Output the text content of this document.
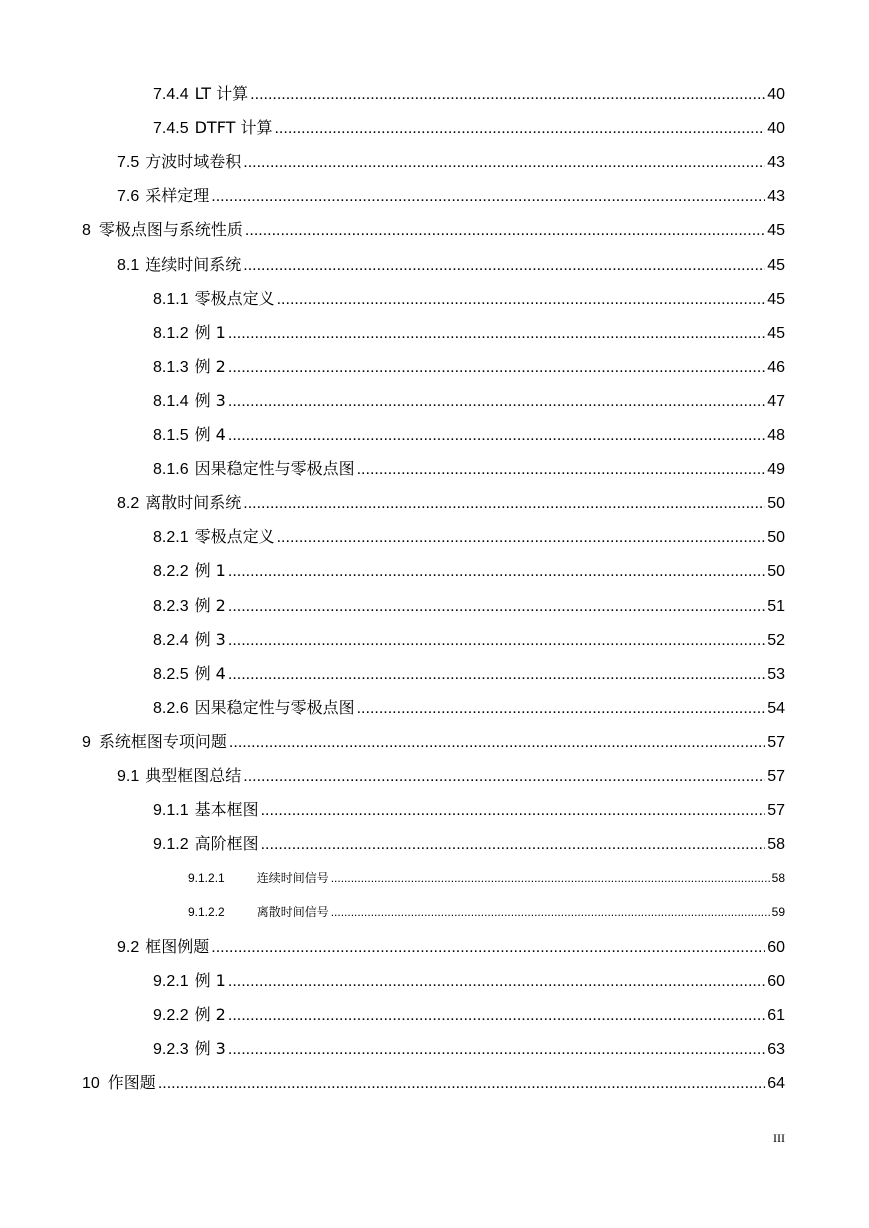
7.4.4 LT 计算 .....	40
7.4.5 DTFT 计算 .....	40
7.5 方波时域卷积 .....	43
7.6 采样定理 .....	43
8 零极点图与系统性质 .....	45
8.1 连续时间系统 .....	45
8.1.1 零极点定义 .....	45
8.1.2 例 1 .....	45
8.1.3 例 2 .....	46
8.1.4 例 3 .....	47
8.1.5 例 4 .....	48
8.1.6 因果稳定性与零极点图 .....	49
8.2 离散时间系统 .....	50
8.2.1 零极点定义 .....	50
8.2.2 例 1 .....	50
8.2.3 例 2 .....	51
8.2.4 例 3 .....	52
8.2.5 例 4 .....	53
8.2.6 因果稳定性与零极点图 .....	54
9 系统框图专项问题 .....	57
9.1 典型框图总结 .....	57
9.1.1 基本框图 .....	57
9.1.2 高阶框图 .....	58
9.1.2.1	连续时间信号 .....	58
9.1.2.2	离散时间信号 .....	59
9.2 框图例题 .....	60
9.2.1 例 1 .....	60
9.2.2 例 2 .....	61
9.2.3 例 3 .....	63
10 作图题 .....	64
III
